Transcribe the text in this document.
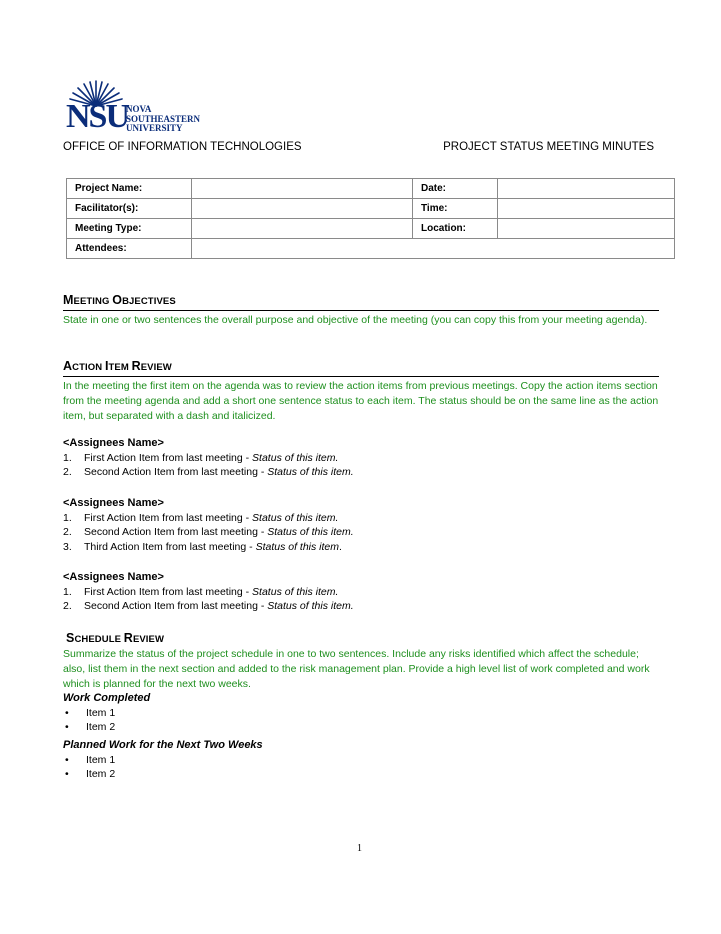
NSU
NOVA
SOUTHEASTERN
UNIVERSITY
OFFICE OF INFORMATION TECHNOLOGIES	PROJECT STATUS MEETING MINUTES
Project Name:		Date:	
Facilitator(s):		Time:	
Meeting Type:		Location:	
Attendees:			
MEETING OBJECTIVES
State in one or two sentences the overall purpose and objective of the meeting (you can copy this from your meeting agenda).
ACTION ITEM REVIEW
In the meeting the first item on the agenda was to review the action items from previous meetings. Copy the action items section from the meeting agenda and add a short one sentence status to each item. The status should be on the same line as the action item, but separated with a dash and italicized.
<Assignees Name>
1.	First Action Item from last meeting - Status of this item.
2.	Second Action Item from last meeting - Status of this item.
<Assignees Name>
1.	First Action Item from last meeting - Status of this item.
2.	Second Action Item from last meeting - Status of this item.
3.	Third Action Item from last meeting - Status of this item.
<Assignees Name>
1.	First Action Item from last meeting - Status of this item.
2.	Second Action Item from last meeting - Status of this item.
SCHEDULE REVIEW
Summarize the status of the project schedule in one to two sentences. Include any risks identified which affect the schedule; also, list them in the next section and added to the risk management plan. Provide a high level list of work completed and work which is planned for the next two weeks.
Work Completed
•	Item 1
•	Item 2
Planned Work for the Next Two Weeks
•	Item 1
•	Item 2
1
